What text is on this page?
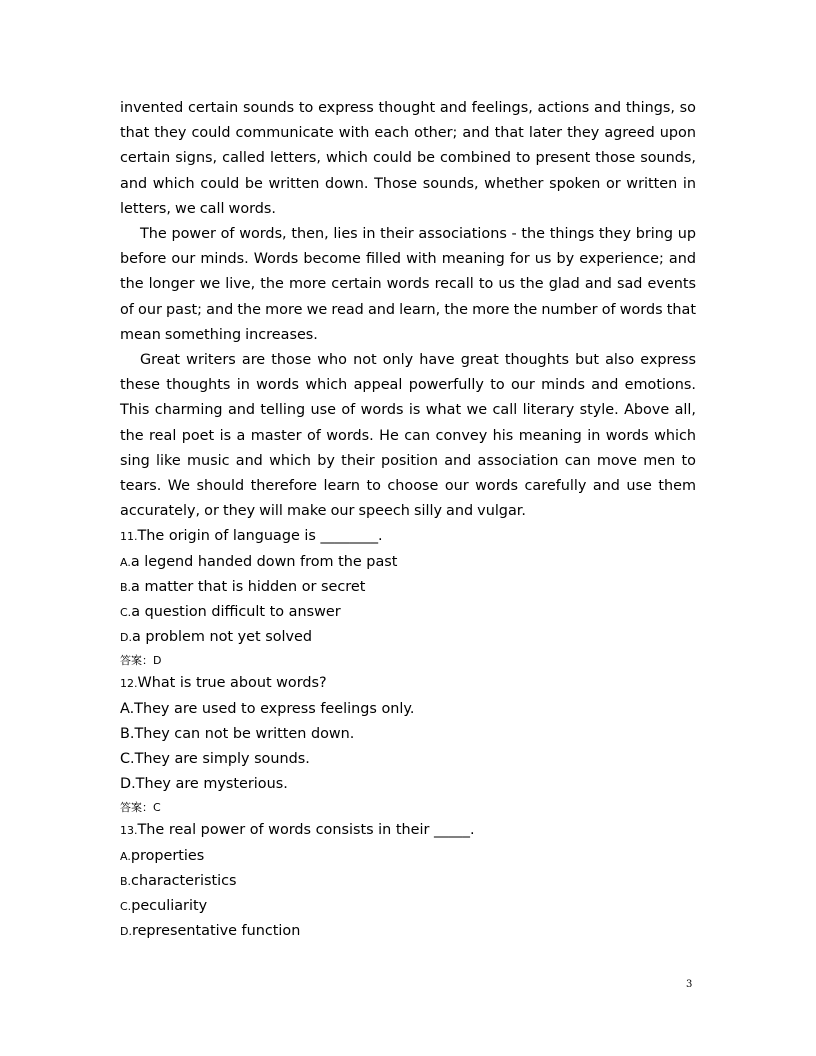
invented certain sounds to express thought and feelings, actions and things, so that they could communicate with each other; and that later they agreed upon certain signs, called letters, which could be combined to present those sounds, and which could be written down. Those sounds, whether spoken or written in letters, we call words.

The power of words, then, lies in their associations - the things they bring up before our minds. Words become filled with meaning for us by experience; and the longer we live, the more certain words recall to us the glad and sad events of our past; and the more we read and learn, the more the number of words that mean something increases.

Great writers are those who not only have great thoughts but also express these thoughts in words which appeal powerfully to our minds and emotions. This charming and telling use of words is what we call literary style. Above all, the real poet is a master of words. He can convey his meaning in words which sing like music and which by their position and association can move men to tears. We should therefore learn to choose our words carefully and use them accurately, or they will make our speech silly and vulgar.

11.The origin of language is ________.
A.a legend handed down from the past
B.a matter that is hidden or secret
C.a question difficult to answer
D.a problem not yet solved
答案：D
12.What is true about words?
A.They are used to express feelings only.
B.They can not be written down.
C.They are simply sounds.
D.They are mysterious.
答案：C
13.The real power of words consists in their _____.
A.properties
B.characteristics
C.peculiarity
D.representative function
3
